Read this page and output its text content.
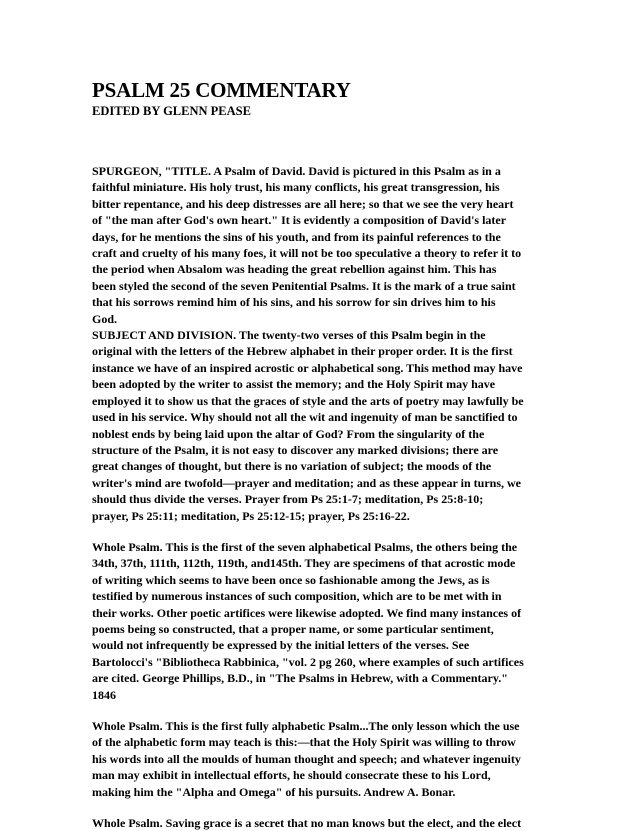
PSALM 25 COMMENTARY
EDITED BY GLENN PEASE

SPURGEON, "TITLE. A Psalm of David. David is pictured in this Psalm as in a
faithful miniature. His holy trust, his many conflicts, his great transgression, his
bitter repentance, and his deep distresses are all here; so that we see the very heart
of "the man after God's own heart." It is evidently a composition of David's later
days, for he mentions the sins of his youth, and from its painful references to the
craft and cruelty of his many foes, it will not be too speculative a theory to refer it to
the period when Absalom was heading the great rebellion against him. This has
been styled the second of the seven Penitential Psalms. It is the mark of a true saint
that his sorrows remind him of his sins, and his sorrow for sin drives him to his
God.

SUBJECT AND DIVISION. The twenty-two verses of this Psalm begin in the
original with the letters of the Hebrew alphabet in their proper order. It is the first
instance we have of an inspired acrostic or alphabetical song. This method may have
been adopted by the writer to assist the memory; and the Holy Spirit may have
employed it to show us that the graces of style and the arts of poetry may lawfully be
used in his service. Why should not all the wit and ingenuity of man be sanctified to
noblest ends by being laid upon the altar of God? From the singularity of the
structure of the Psalm, it is not easy to discover any marked divisions; there are
great changes of thought, but there is no variation of subject; the moods of the
writer's mind are twofold—prayer and meditation; and as these appear in turns, we
should thus divide the verses. Prayer from Ps 25:1-7; meditation, Ps 25:8-10;
prayer, Ps 25:11; meditation, Ps 25:12-15; prayer, Ps 25:16-22.

Whole Psalm. This is the first of the seven alphabetical Psalms, the others being the
34th, 37th, 111th, 112th, 119th, and145th. They are specimens of that acrostic mode
of writing which seems to have been once so fashionable among the Jews, as is
testified by numerous instances of such composition, which are to be met with in
their works. Other poetic artifices were likewise adopted. We find many instances of
poems being so constructed, that a proper name, or some particular sentiment,
would not infrequently be expressed by the initial letters of the verses. See
Bartolocci's "Bibliotheca Rabbinica, "vol. 2 pg 260, where examples of such artifices
are cited. George Phillips, B.D., in "The Psalms in Hebrew, with a Commentary."
1846

Whole Psalm. This is the first fully alphabetic Psalm...The only lesson which the use
of the alphabetic form may teach is this:—that the Holy Spirit was willing to throw
his words into all the moulds of human thought and speech; and whatever ingenuity
man may exhibit in intellectual efforts, he should consecrate these to his Lord,
making him the "Alpha and Omega" of his pursuits. Andrew A. Bonar.

Whole Psalm. Saving grace is a secret that no man knows but the elect, and the elect
